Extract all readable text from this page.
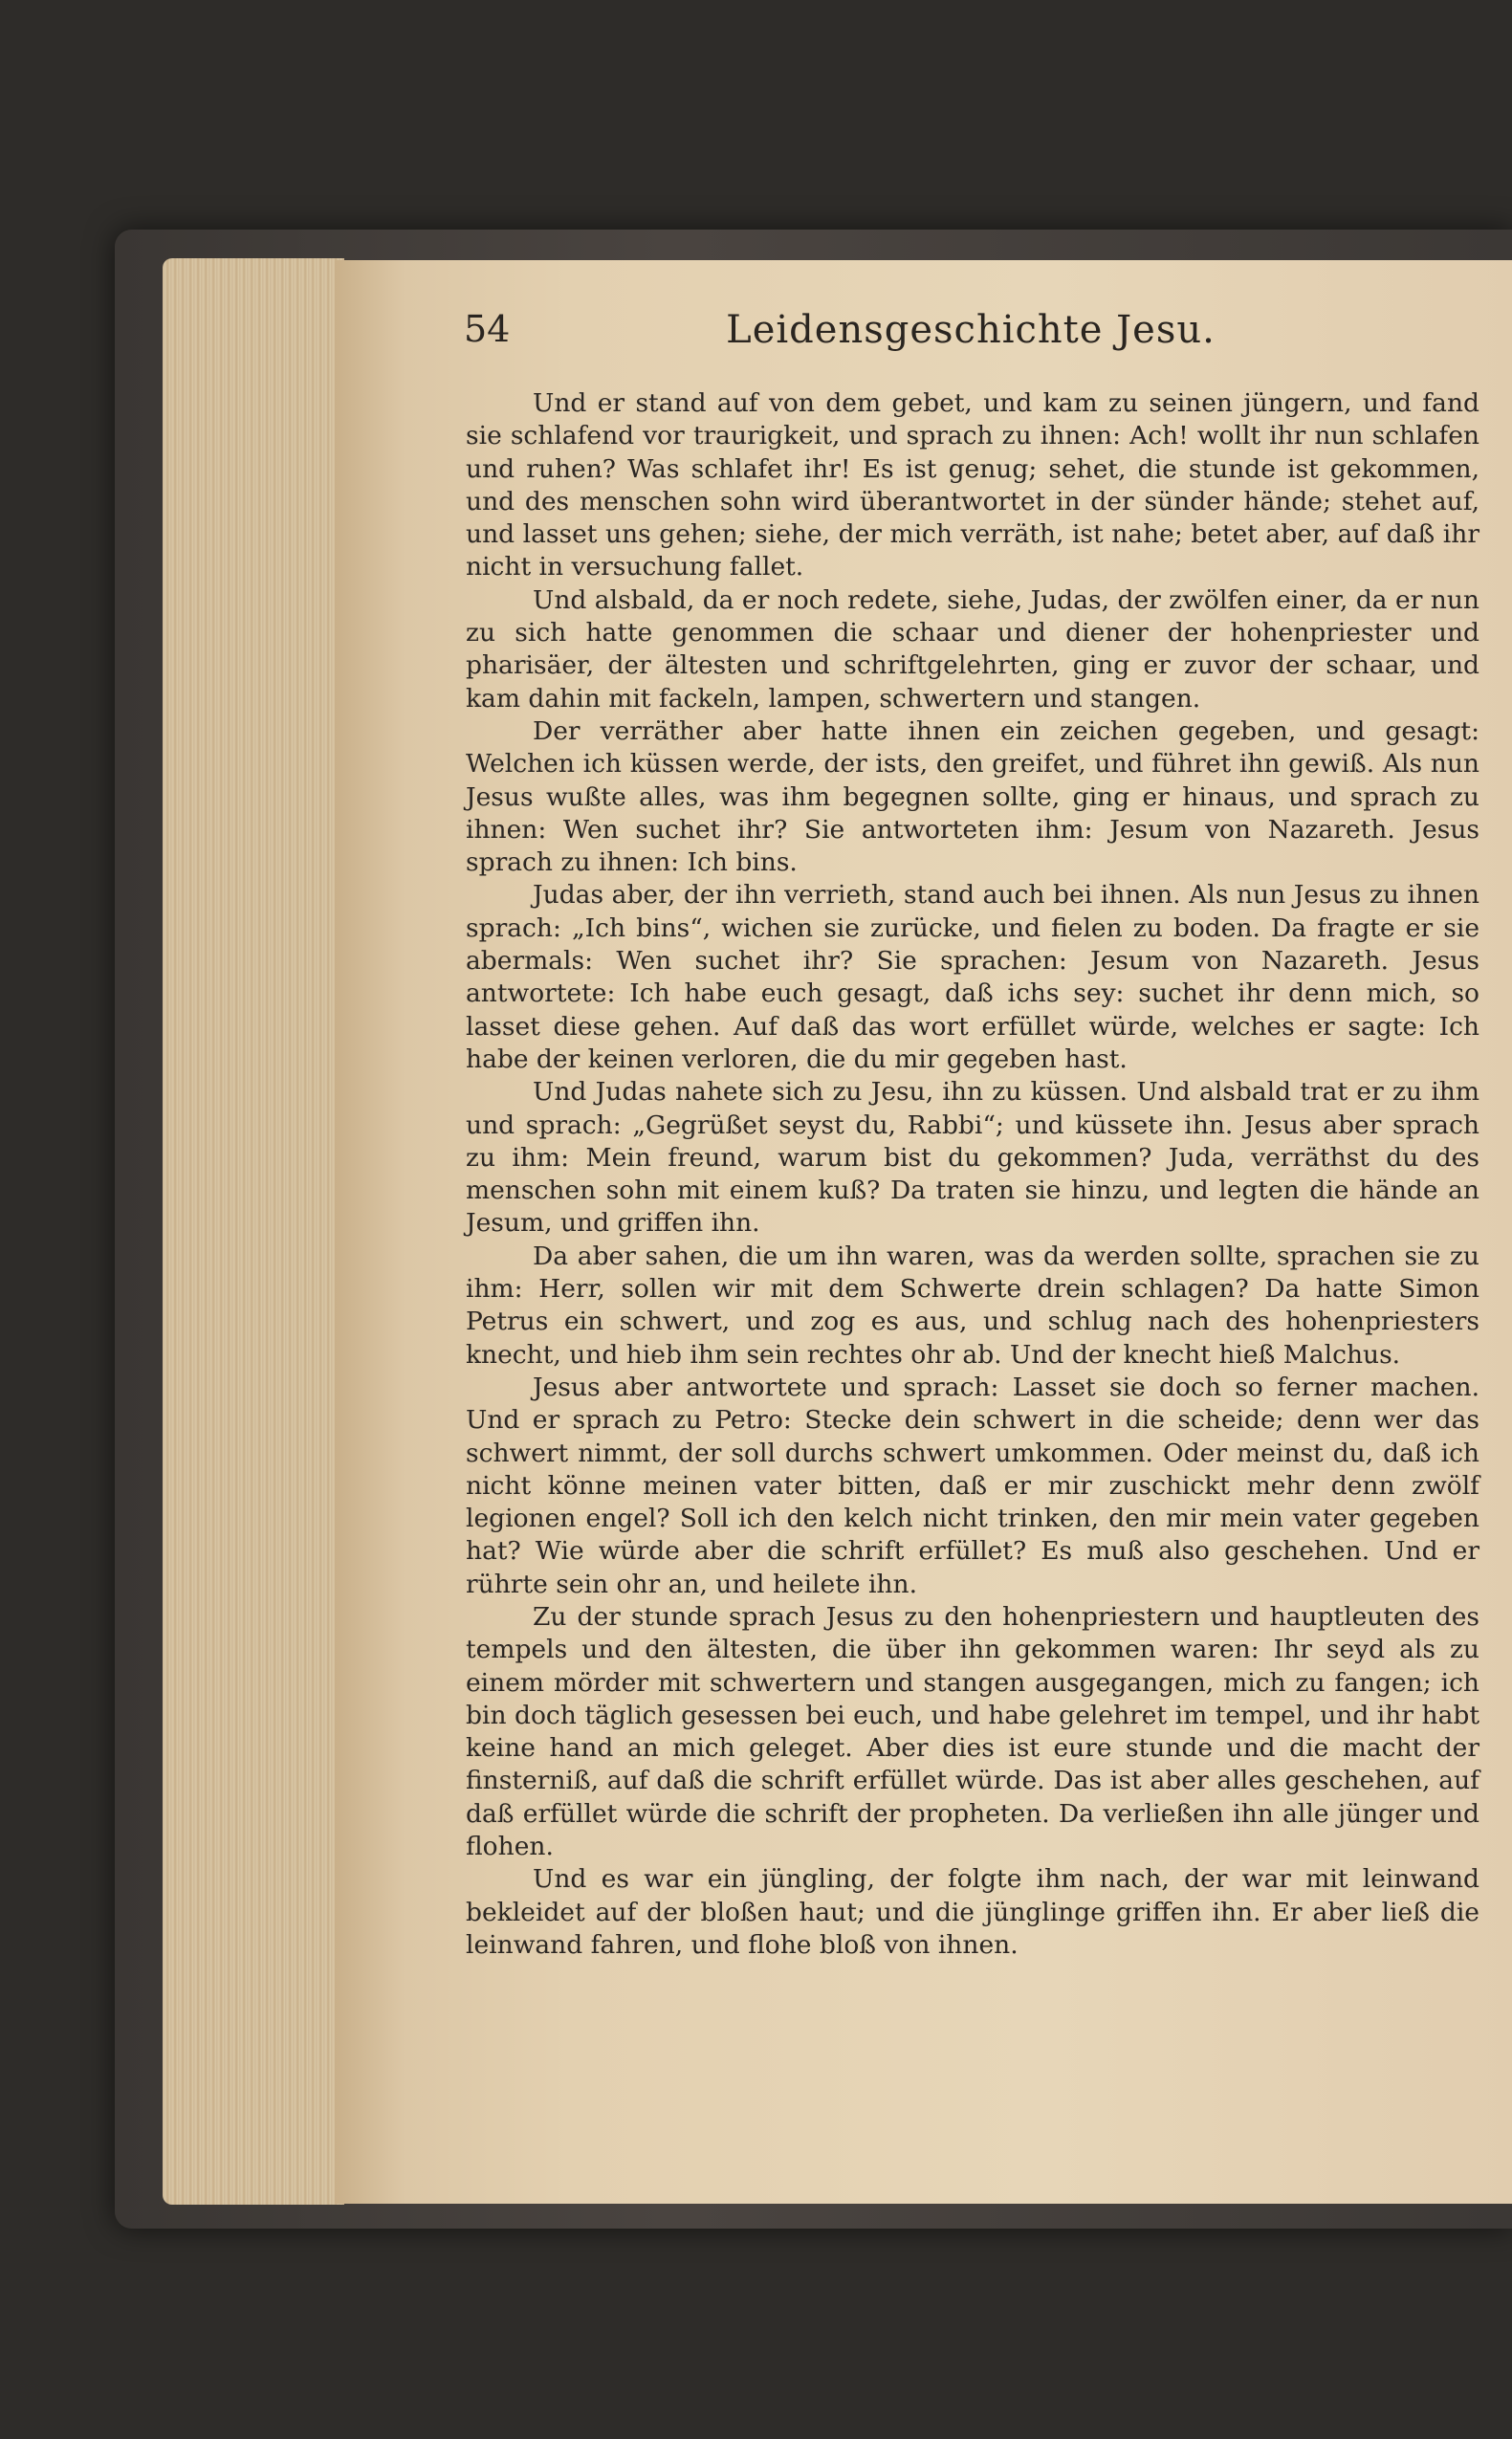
54	Leidensgeschichte Jesu.

Und er stand auf von dem gebet, und kam zu seinen jüngern, und fand sie schlafend vor traurigkeit, und sprach zu ihnen: Ach! wollt ihr nun schlafen und ruhen? Was schlafet ihr! Es ist genug; sehet, die stunde ist gekommen, und des menschen sohn wird überantwortet in der sünder hände; stehet auf, und lasset uns gehen; siehe, der mich verräth, ist nahe; betet aber, auf daß ihr nicht in versuchung fallet.

Und alsbald, da er noch redete, siehe, Judas, der zwölfen einer, da er nun zu sich hatte genommen die schaar und diener der hohenpriester und pharisäer, der ältesten und schriftgelehrten, ging er zuvor der schaar, und kam dahin mit fackeln, lampen, schwertern und stangen.

Der verräther aber hatte ihnen ein zeichen gegeben, und gesagt: Welchen ich küssen werde, der ists, den greifet, und führet ihn gewiß. Als nun Jesus wußte alles, was ihm begegnen sollte, ging er hinaus, und sprach zu ihnen: Wen suchet ihr? Sie antworteten ihm: Jesum von Nazareth. Jesus sprach zu ihnen: Ich bins.

Judas aber, der ihn verrieth, stand auch bei ihnen. Als nun Jesus zu ihnen sprach: „Ich bins“, wichen sie zurücke, und fielen zu boden. Da fragte er sie abermals: Wen suchet ihr? Sie sprachen: Jesum von Nazareth. Jesus antwortete: Ich habe euch gesagt, daß ichs sey: suchet ihr denn mich, so lasset diese gehen. Auf daß das wort erfüllet würde, welches er sagte: Ich habe der keinen verloren, die du mir gegeben hast.

Und Judas nahete sich zu Jesu, ihn zu küssen. Und alsbald trat er zu ihm und sprach: „Gegrüßet seyst du, Rabbi“; und küssete ihn. Jesus aber sprach zu ihm: Mein freund, warum bist du gekommen? Juda, verräthst du des menschen sohn mit einem kuß? Da traten sie hinzu, und legten die hände an Jesum, und griffen ihn.

Da aber sahen, die um ihn waren, was da werden sollte, sprachen sie zu ihm: Herr, sollen wir mit dem Schwerte drein schlagen? Da hatte Simon Petrus ein schwert, und zog es aus, und schlug nach des hohenpriesters knecht, und hieb ihm sein rechtes ohr ab. Und der knecht hieß Malchus.

Jesus aber antwortete und sprach: Lasset sie doch so ferner machen. Und er sprach zu Petro: Stecke dein schwert in die scheide; denn wer das schwert nimmt, der soll durchs schwert umkommen. Oder meinst du, daß ich nicht könne meinen vater bitten, daß er mir zuschickt mehr denn zwölf legionen engel? Soll ich den kelch nicht trinken, den mir mein vater gegeben hat? Wie würde aber die schrift erfüllet? Es muß also geschehen. Und er rührte sein ohr an, und heilete ihn.

Zu der stunde sprach Jesus zu den hohenpriestern und hauptleuten des tempels und den ältesten, die über ihn gekommen waren: Ihr seyd als zu einem mörder mit schwertern und stangen ausgegangen, mich zu fangen; ich bin doch täglich gesessen bei euch, und habe gelehret im tempel, und ihr habt keine hand an mich geleget. Aber dies ist eure stunde und die macht der finsterniß, auf daß die schrift erfüllet würde. Das ist aber alles geschehen, auf daß erfüllet würde die schrift der propheten. Da verließen ihn alle jünger und flohen.

Und es war ein jüngling, der folgte ihm nach, der war mit leinwand bekleidet auf der bloßen haut; und die jünglinge griffen ihn. Er aber ließ die leinwand fahren, und flohe bloß von ihnen.
